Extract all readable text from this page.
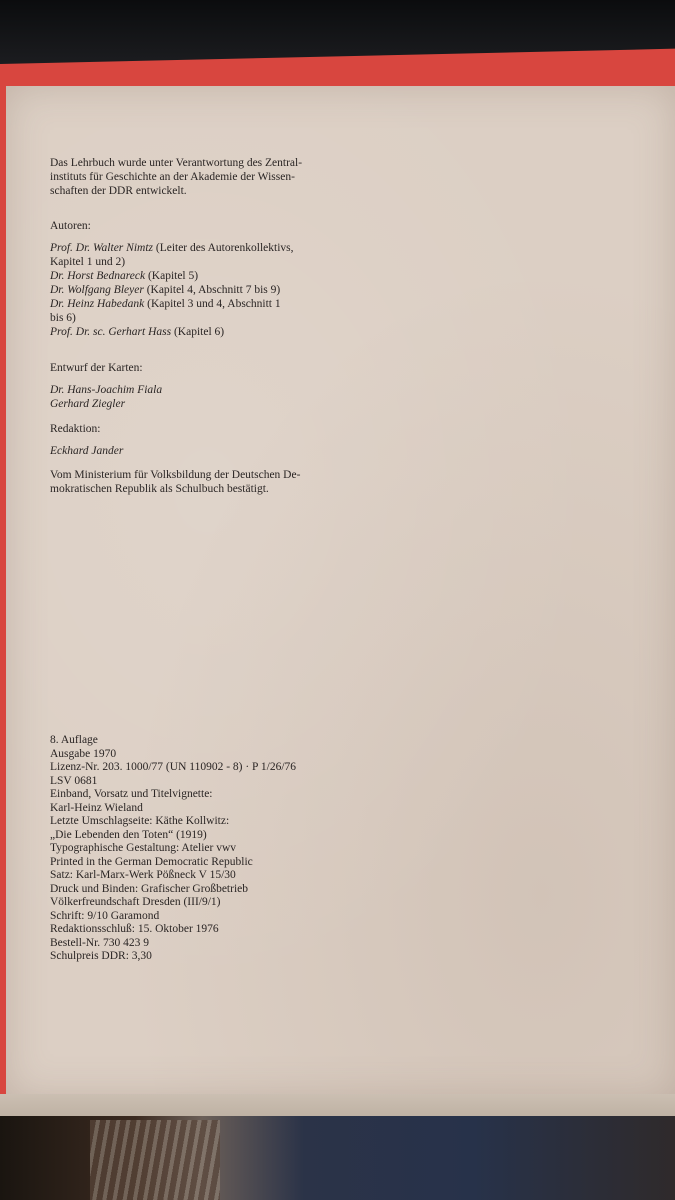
Das Lehrbuch wurde unter Verantwortung des Zentral-

instituts für Geschichte an der Akademie der Wissen-

schaften der DDR entwickelt.

Autoren:

Prof. Dr. Walter Nimtz (Leiter des Autorenkollektivs,

Kapitel 1 und 2)

Dr. Horst Bednareck (Kapitel 5)

Dr. Wolfgang Bleyer (Kapitel 4, Abschnitt 7 bis 9)

Dr. Heinz Habedank (Kapitel 3 und 4, Abschnitt 1

bis 6)

Prof. Dr. sc. Gerhart Hass (Kapitel 6)

Entwurf der Karten:

Dr. Hans-Joachim Fiala

Gerhard Ziegler

Redaktion:

Eckhard Jander

Vom Ministerium für Volksbildung der Deutschen De-

mokratischen Republik als Schulbuch bestätigt.

8. Auflage

Ausgabe 1970

Lizenz-Nr. 203. 1000/77 (UN 110902 - 8) · P 1/26/76

LSV 0681

Einband, Vorsatz und Titelvignette:

Karl-Heinz Wieland

Letzte Umschlagseite: Käthe Kollwitz:

„Die Lebenden den Toten“ (1919)

Typographische Gestaltung: Atelier vwv

Printed in the German Democratic Republic

Satz: Karl-Marx-Werk Pößneck V 15/30

Druck und Binden: Grafischer Großbetrieb

Völkerfreundschaft Dresden (III/9/1)

Schrift: 9/10 Garamond

Redaktionsschluß: 15. Oktober 1976

Bestell-Nr. 730 423 9

Schulpreis DDR: 3,30
